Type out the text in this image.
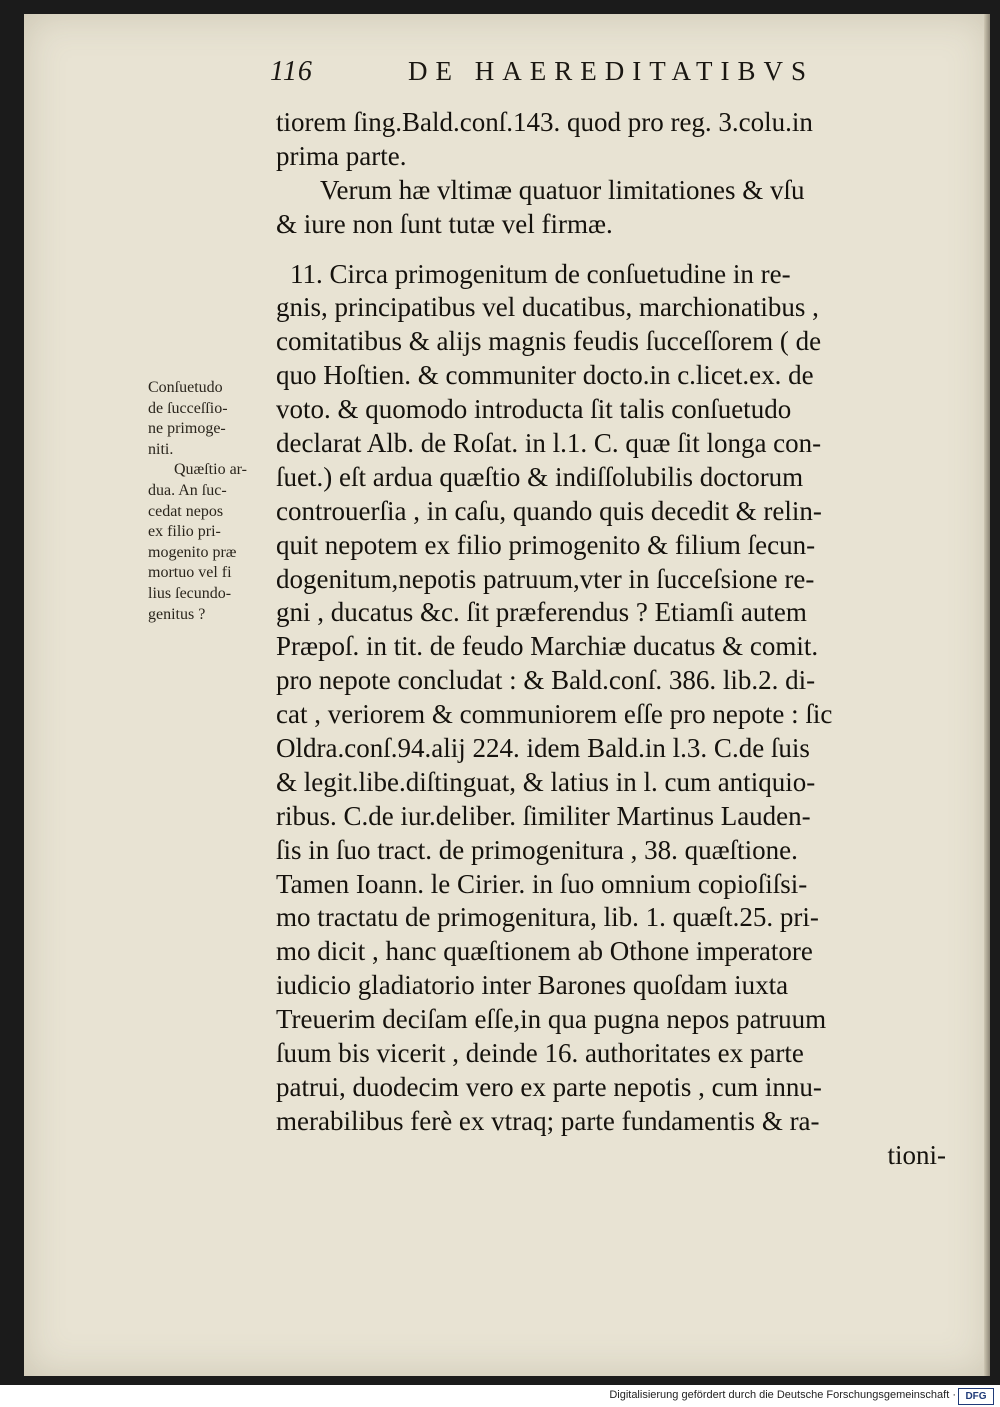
116	DE HAEREDITATIBVS
Conſuetudo
de ſucceſſio-
ne primoge-
niti.
Quæſtio ar-
dua. An ſuc-
cedat nepos
ex filio pri-
mogenito præ
mortuo vel fi
lius ſecundo-
genitus ?
tiorem ſing.Bald.conſ.143. quod pro reg. 3.colu.in
prima parte.
Verum hæ vltimæ quatuor limitationes & vſu
& iure non ſunt tutæ vel firmæ.
11. Circa primogenitum de conſuetudine in re-
gnis, principatibus vel ducatibus, marchionatibus ,
comitatibus & alijs magnis feudis ſucceſſorem ( de
quo Hoſtien. & communiter docto.in c.licet.ex. de
voto. & quomodo introducta ſit talis conſuetudo
declarat Alb. de Roſat. in l.1. C. quæ ſit longa con-
ſuet.) eſt ardua quæſtio & indiſſolubilis doctorum
controuerſia , in caſu, quando quis decedit & relin-
quit nepotem ex filio primogenito & filium ſecun-
dogenitum,nepotis patruum,vter in ſucceſsione re-
gni , ducatus &c. ſit præferendus ? Etiamſi autem
Præpoſ. in tit. de feudo Marchiæ ducatus & comit.
pro nepote concludat : & Bald.conſ. 386. lib.2. di-
cat , veriorem & communiorem eſſe pro nepote : ſic
Oldra.conſ.94.alij 224. idem Bald.in l.3. C.de ſuis
& legit.libe.diſtinguat, & latius in l. cum antiquio-
ribus. C.de iur.deliber. ſimiliter Martinus Lauden-
ſis in ſuo tract. de primogenitura , 38. quæſtione.
Tamen Ioann. le Cirier. in ſuo omnium copioſiſsi-
mo tractatu de primogenitura, lib. 1. quæſt.25. pri-
mo dicit , hanc quæſtionem ab Othone imperatore
iudicio gladiatorio inter Barones quoſdam iuxta
Treuerim deciſam eſſe,in qua pugna nepos patruum
ſuum bis vicerit , deinde 16. authoritates ex parte
patrui, duodecim vero ex parte nepotis , cum innu-
merabilibus ferè ex vtraq; parte fundamentis & ra-
tioni-
Digitalisierung gefördert durch die Deutsche Forschungsgemeinschaft · DFG
